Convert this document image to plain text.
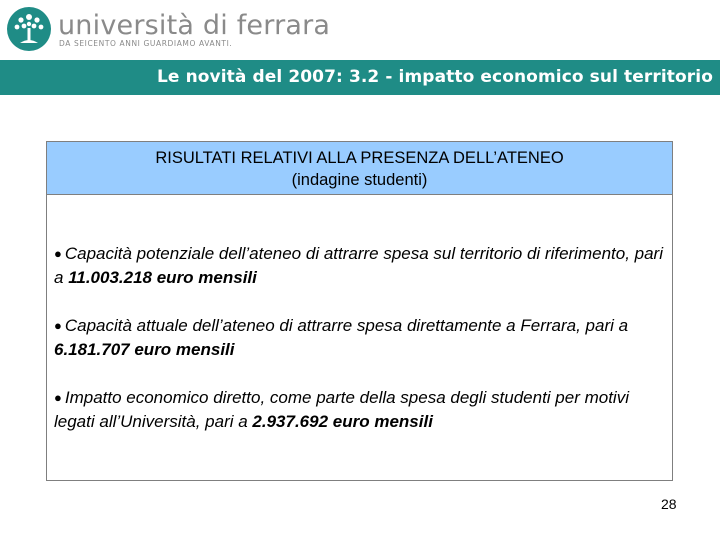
università di ferrara
DA SEICENTO ANNI GUARDIAMO AVANTI.
Le novità del 2007: 3.2 - impatto economico sul territorio
RISULTATI RELATIVI ALLA PRESENZA DELL’ATENEO
(indagine studenti)
● Capacità potenziale dell’ateneo di attrarre spesa sul territorio di riferimento, pari a 11.003.218 euro mensili
● Capacità attuale dell’ateneo di attrarre spesa direttamente a Ferrara, pari a 6.181.707 euro mensili
● Impatto economico diretto, come parte della spesa degli studenti per motivi legati all’Università, pari a 2.937.692 euro mensili
28
